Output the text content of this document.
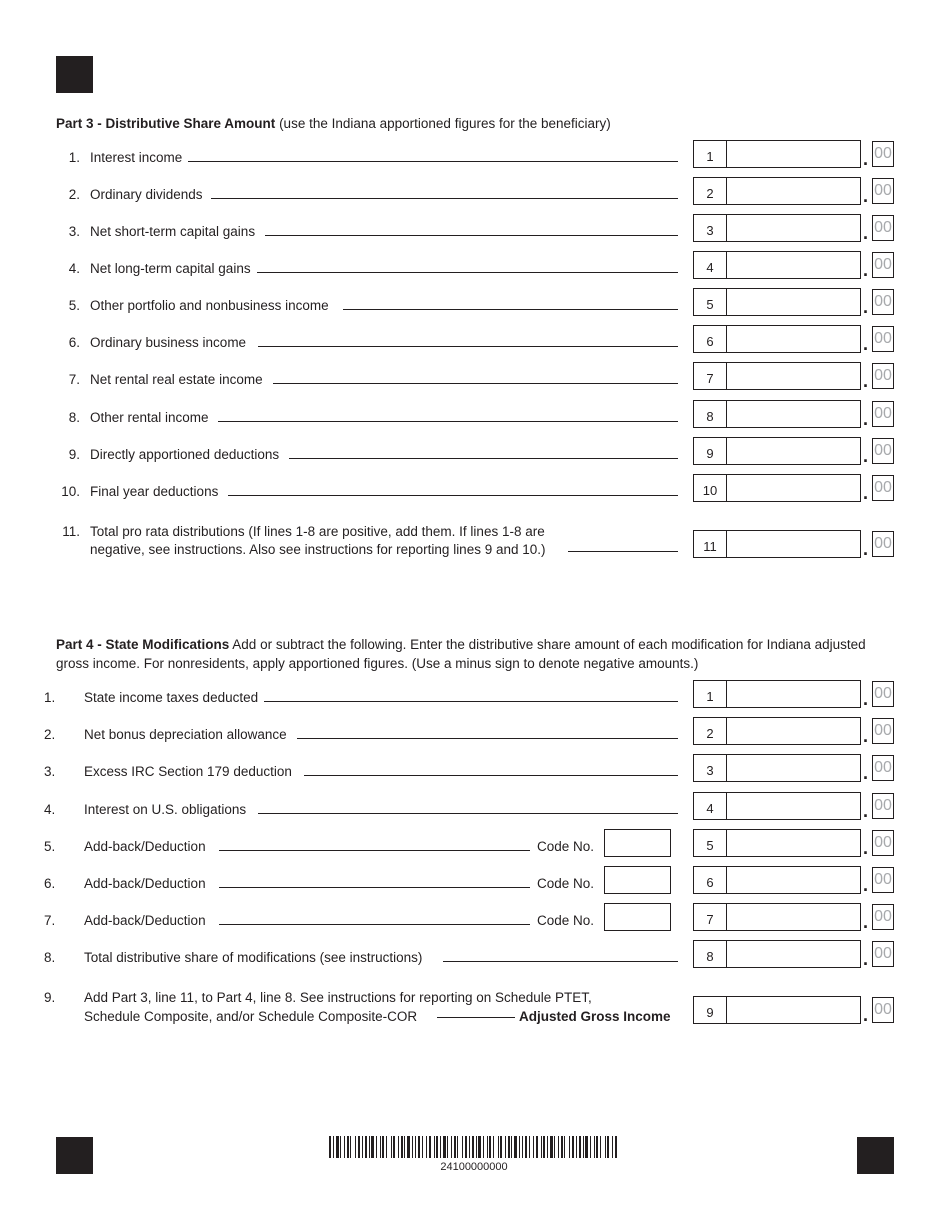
Part 3 - Distributive Share Amount (use the Indiana apportioned figures for the beneficiary)
1. Interest income	1	. 00
2. Ordinary dividends	2	. 00
3. Net short-term capital gains	3	. 00
4. Net long-term capital gains	4	. 00
5. Other portfolio and nonbusiness income	5	. 00
6. Ordinary business income	6	. 00
7. Net rental real estate income	7	. 00
8. Other rental income	8	. 00
9. Directly apportioned deductions	9	. 00
10. Final year deductions	10	. 00
11. Total pro rata distributions (If lines 1-8 are positive, add them. If lines 1-8 are
negative, see instructions. Also see instructions for reporting lines 9 and 10.)	11	. 00
Part 4 - State Modifications Add or subtract the following. Enter the distributive share amount of each modification for Indiana adjusted gross income. For nonresidents, apply apportioned figures. (Use a minus sign to denote negative amounts.)
1.	State income taxes deducted	1	. 00
2.	Net bonus depreciation allowance	2	. 00
3.	Excess IRC Section 179 deduction	3	. 00
4.	Interest on U.S. obligations	4	. 00
5.	Add-back/Deduction	Code No.	5	. 00
6.	Add-back/Deduction	Code No.	6	. 00
7.	Add-back/Deduction	Code No.	7	. 00
8.	Total distributive share of modifications (see instructions)	8	. 00
9.	Add Part 3, line 11, to Part 4, line 8. See instructions for reporting on Schedule PTET,
Schedule Composite, and/or Schedule Composite-COR	Adjusted Gross Income	9	. 00
24100000000
